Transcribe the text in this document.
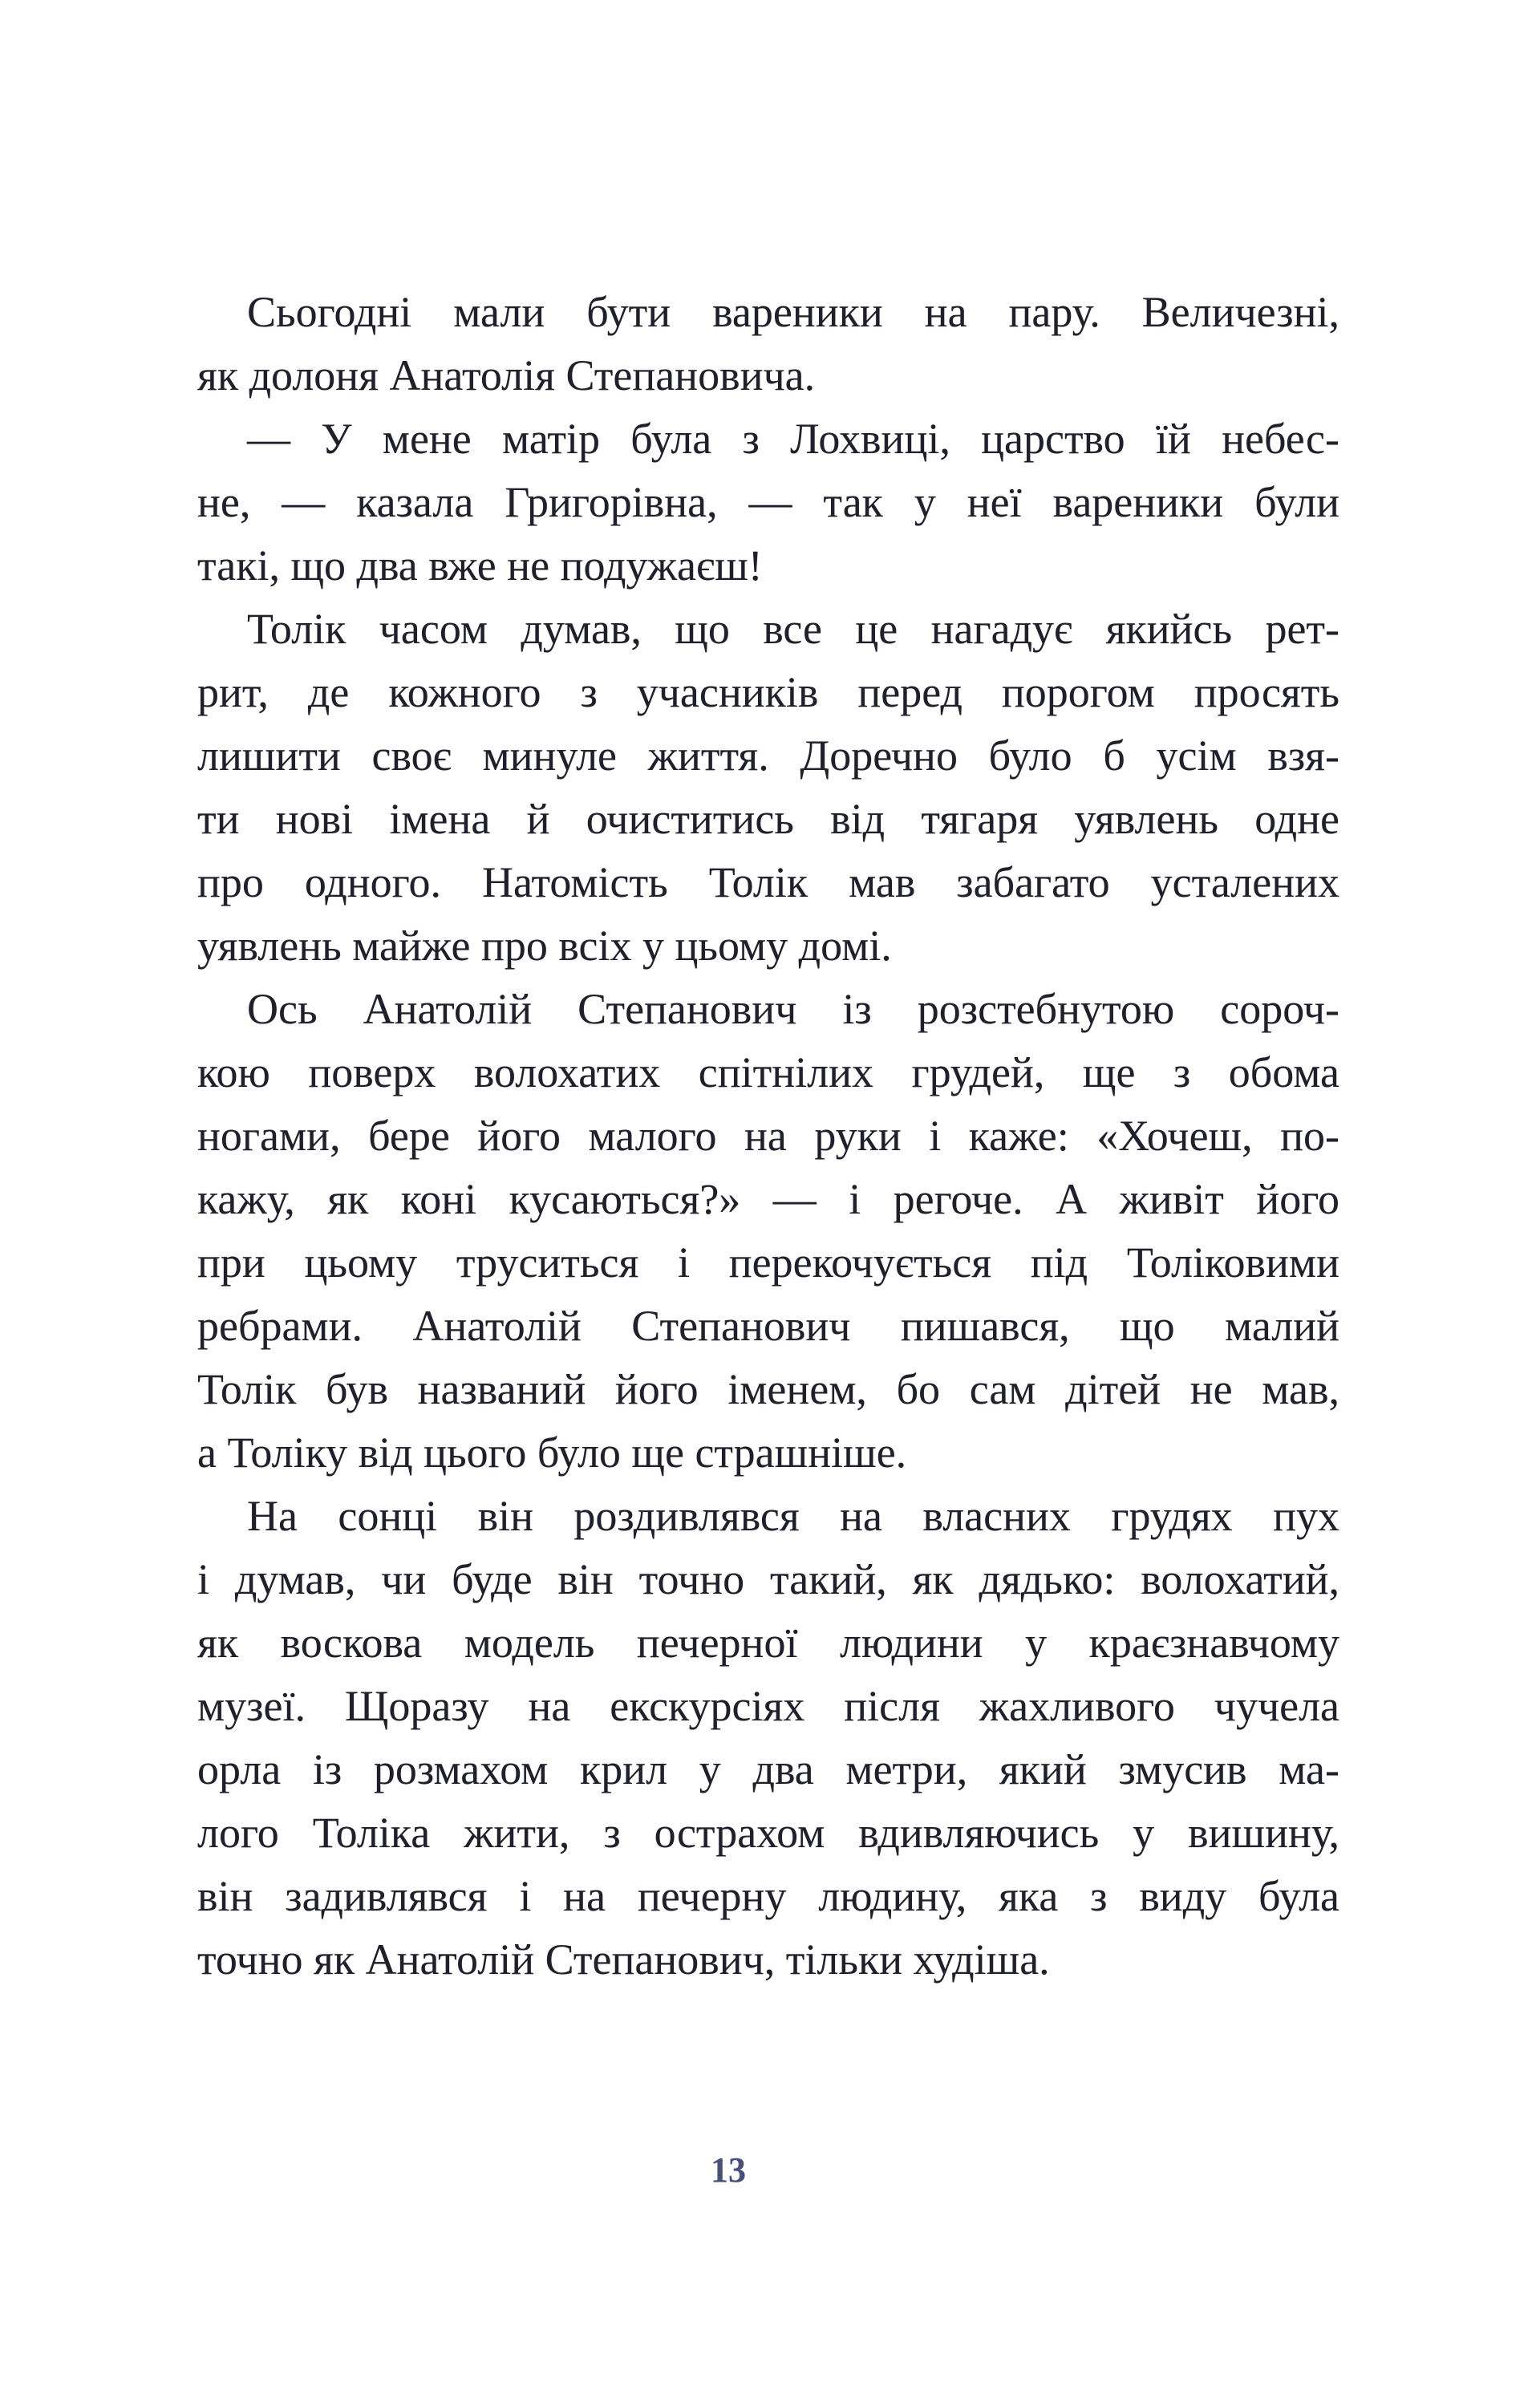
Сьогодні мали бути вареники на пару. Величезні,
як долоня Анатолія Степановича.
— У мене матір була з Лохвиці, царство їй небес-
не, — казала Григорівна, — так у неї вареники були
такі, що два вже не подужаєш!
Толік часом думав, що все це нагадує якийсь рет-
рит, де кожного з учасників перед порогом просять
лишити своє минуле життя. Доречно було б усім взя-
ти нові імена й очиститись від тягаря уявлень одне
про одного. Натомість Толік мав забагато усталених
уявлень майже про всіх у цьому домі.
Ось Анатолій Степанович із розстебнутою сороч-
кою поверх волохатих спітнілих грудей, ще з обома
ногами, бере його малого на руки і каже: «Хочеш, по-
кажу, як коні кусаються?» — і регоче. А живіт його
при цьому труситься і перекочується під Толіковими
ребрами. Анатолій Степанович пишався, що малий
Толік був названий його іменем, бо сам дітей не мав,
а Толіку від цього було ще страшніше.
На сонці він роздивлявся на власних грудях пух
і думав, чи буде він точно такий, як дядько: волохатий,
як воскова модель печерної людини у краєзнавчому
музеї. Щоразу на екскурсіях після жахливого чучела
орла із розмахом крил у два метри, який змусив ма-
лого Толіка жити, з острахом вдивляючись у вишину,
він задивлявся і на печерну людину, яка з виду була
точно як Анатолій Степанович, тільки худіша.
13
